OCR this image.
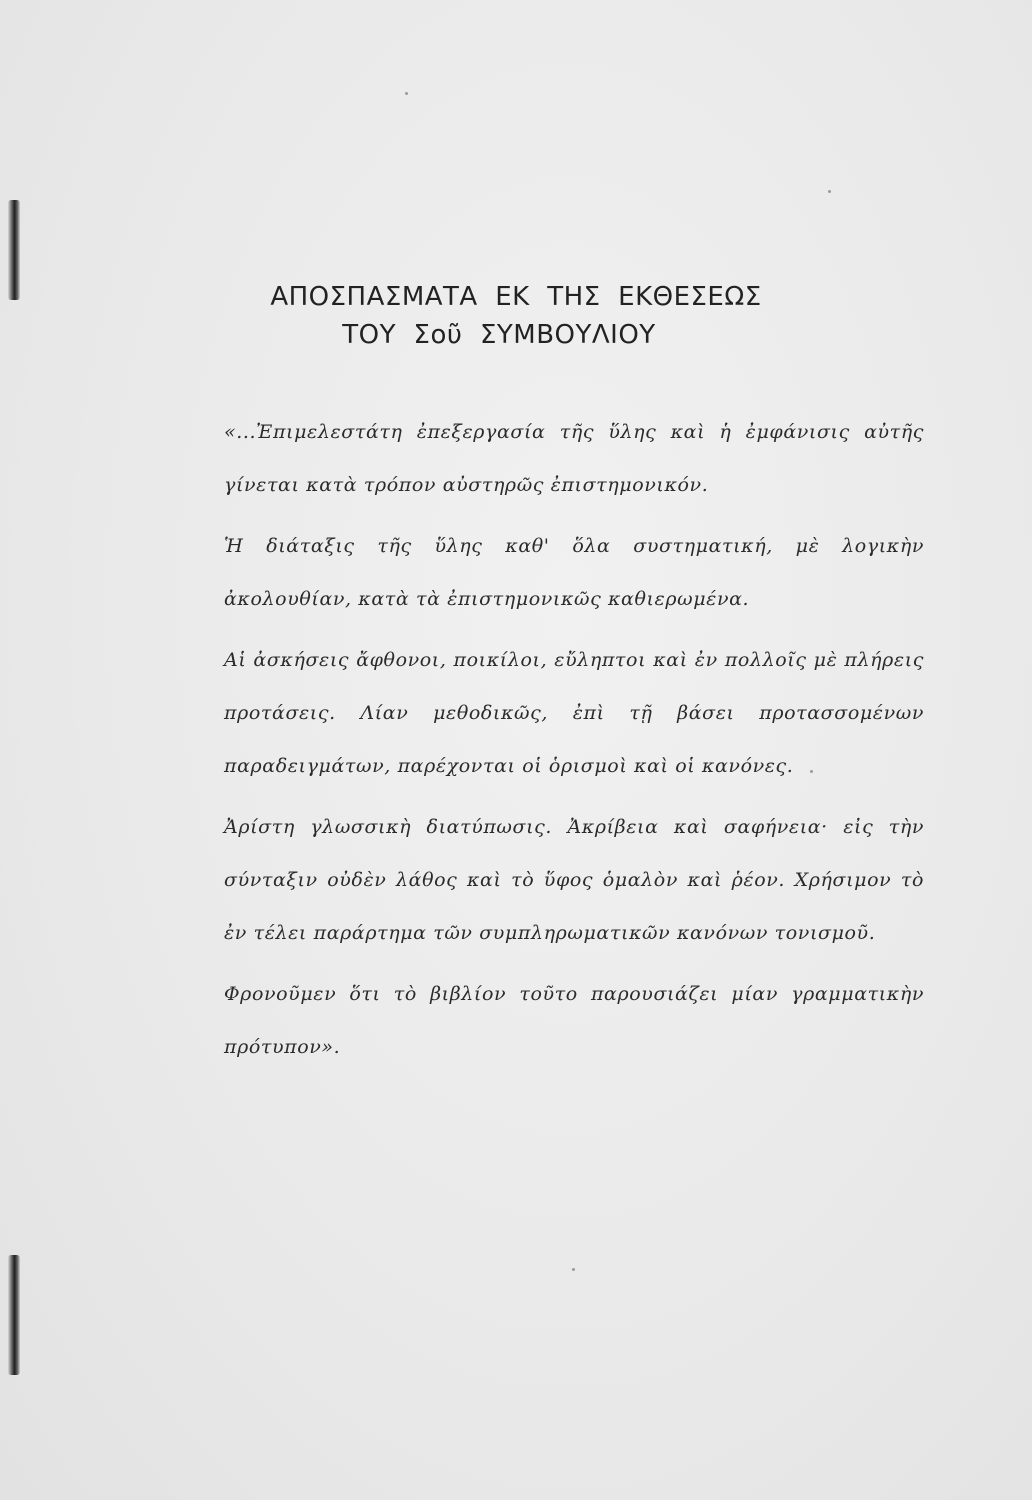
ΑΠΟΣΠΑΣΜΑΤΑ  ΕΚ  ΤΗΣ  ΕΚΘΕΣΕΩΣ
ΤΟΥ  Σοῦ  ΣΥΜΒΟΥΛΙΟΥ

«...Ἐπιμελεστάτη ἐπεξεργασία τῆς ὕλης καὶ ἡ ἐμφάνισις αὐτῆς γίνεται κατὰ τρόπον αὐστηρῶς ἐπιστημονικόν.

Ἡ διάταξις τῆς ὕλης καθ' ὅλα συστηματική, μὲ λογικὴν ἀκολουθίαν, κατὰ τὰ ἐπιστημονικῶς καθιερωμένα.

Αἱ ἀσκήσεις ἄφθονοι, ποικίλοι, εὔληπτοι καὶ ἐν πολλοῖς μὲ πλήρεις προτάσεις. Λίαν μεθοδικῶς, ἐπὶ τῇ βάσει προτασσομένων παραδειγμάτων, παρέχονται οἱ ὁρισμοὶ καὶ οἱ κανόνες.

Ἀρίστη γλωσσικὴ διατύπωσις. Ἀκρίβεια καὶ σαφήνεια· εἰς τὴν σύνταξιν οὐδὲν λάθος καὶ τὸ ὕφος ὁμαλὸν καὶ ῥέον. Χρήσιμον τὸ ἐν τέλει παράρτημα τῶν συμπληρωματικῶν κανόνων τονισμοῦ.

Φρονοῦμεν ὅτι τὸ βιβλίον τοῦτο παρουσιάζει μίαν γραμματικὴν πρότυπον».
